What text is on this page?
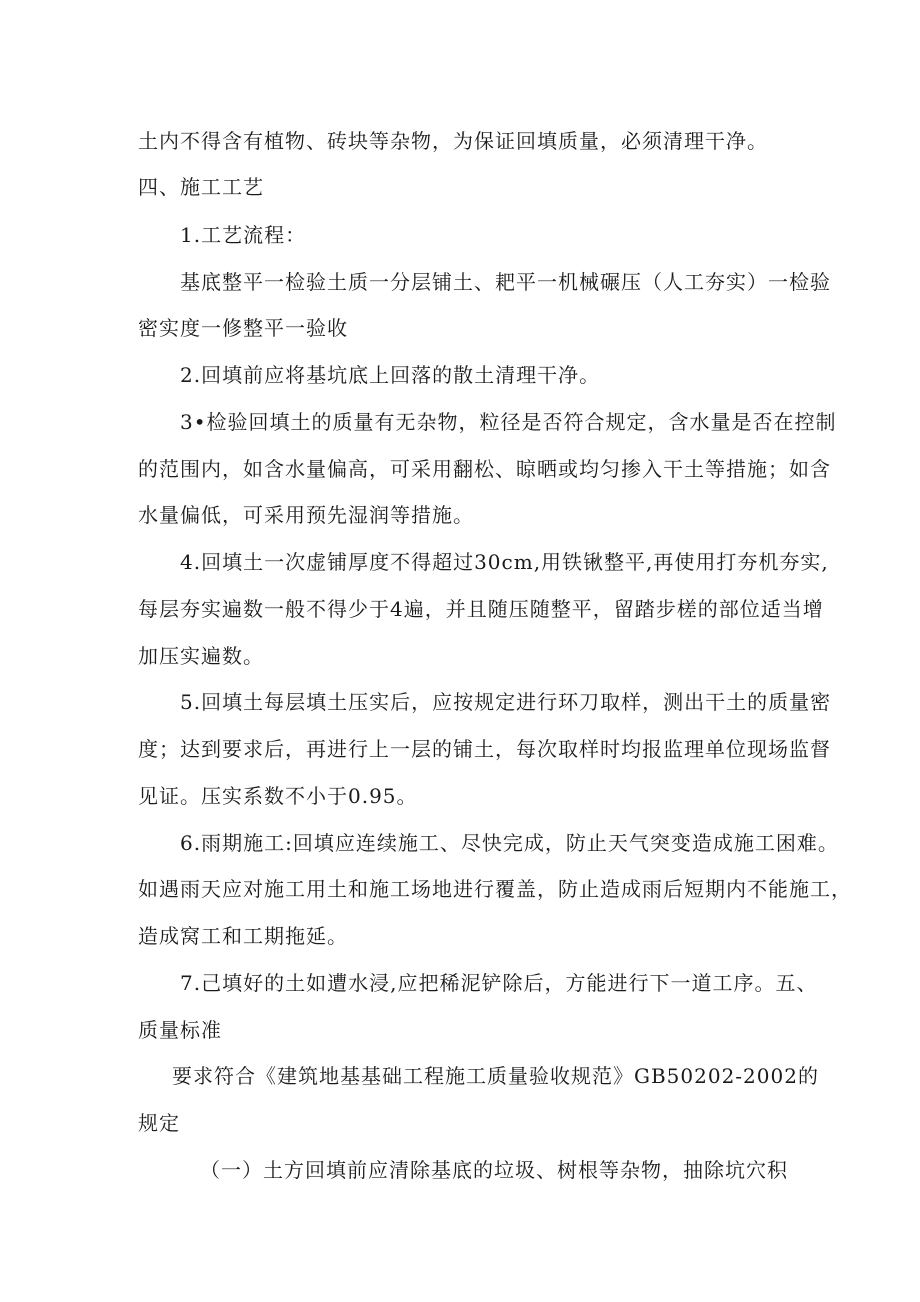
土内不得含有植物、砖块等杂物，为保证回填质量，必须清理干净。
四、施工工艺
1.工艺流程：
基底整平一检验土质一分层铺土、耙平一机械碾压（人工夯实）一检验
密实度一修整平一验收
2.回填前应将基坑底上回落的散土清理干净。
3•检验回填土的质量有无杂物，粒径是否符合规定，含水量是否在控制
的范围内，如含水量偏高，可采用翻松、晾晒或均匀掺入干土等措施；如含
水量偏低，可采用预先湿润等措施。
4.回填土一次虚铺厚度不得超过30cm,用铁锹整平,再使用打夯机夯实,
每层夯实遍数一般不得少于4遍，并且随压随整平，留踏步槎的部位适当增
加压实遍数。
5.回填土每层填土压实后，应按规定进行环刀取样，测出干土的质量密
度；达到要求后，再进行上一层的铺土，每次取样时均报监理单位现场监督
见证。压实系数不小于0.95。
6.雨期施工:回填应连续施工、尽快完成，防止天气突变造成施工困难。
如遇雨天应对施工用土和施工场地进行覆盖，防止造成雨后短期内不能施工，
造成窝工和工期拖延。
7.己填好的土如遭水浸,应把稀泥铲除后，方能进行下一道工序。五、
质量标准
要求符合《建筑地基基础工程施工质量验收规范》GB50202-2002的
规定
（一）土方回填前应清除基底的垃圾、树根等杂物，抽除坑穴积
